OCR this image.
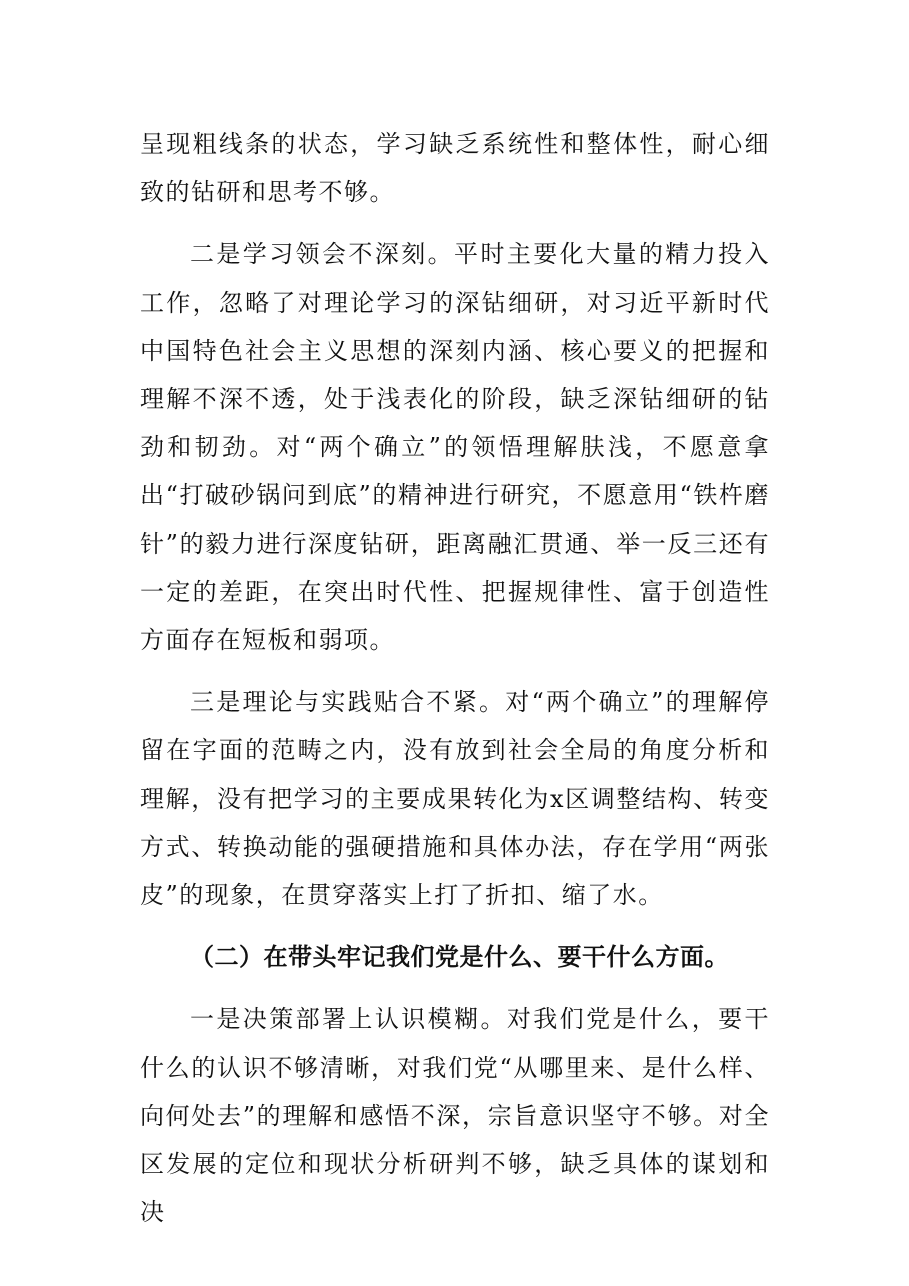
呈现粗线条的状态，学习缺乏系统性和整体性，耐心细致的钻研和思考不够。

二是学习领会不深刻。平时主要化大量的精力投入工作，忽略了对理论学习的深钻细研，对习近平新时代中国特色社会主义思想的深刻内涵、核心要义的把握和理解不深不透，处于浅表化的阶段，缺乏深钻细研的钻劲和韧劲。对“两个确立”的领悟理解肤浅，不愿意拿出“打破砂锅问到底”的精神进行研究，不愿意用“铁杵磨针”的毅力进行深度钻研，距离融汇贯通、举一反三还有一定的差距，在突出时代性、把握规律性、富于创造性方面存在短板和弱项。

三是理论与实践贴合不紧。对“两个确立”的理解停留在字面的范畴之内，没有放到社会全局的角度分析和理解，没有把学习的主要成果转化为x区调整结构、转变方式、转换动能的强硬措施和具体办法，存在学用“两张皮”的现象，在贯穿落实上打了折扣、缩了水。

（二）在带头牢记我们党是什么、要干什么方面。

一是决策部署上认识模糊。对我们党是什么，要干什么的认识不够清晰，对我们党“从哪里来、是什么样、向何处去”的理解和感悟不深，宗旨意识坚守不够。对全区发展的定位和现状分析研判不够，缺乏具体的谋划和决
